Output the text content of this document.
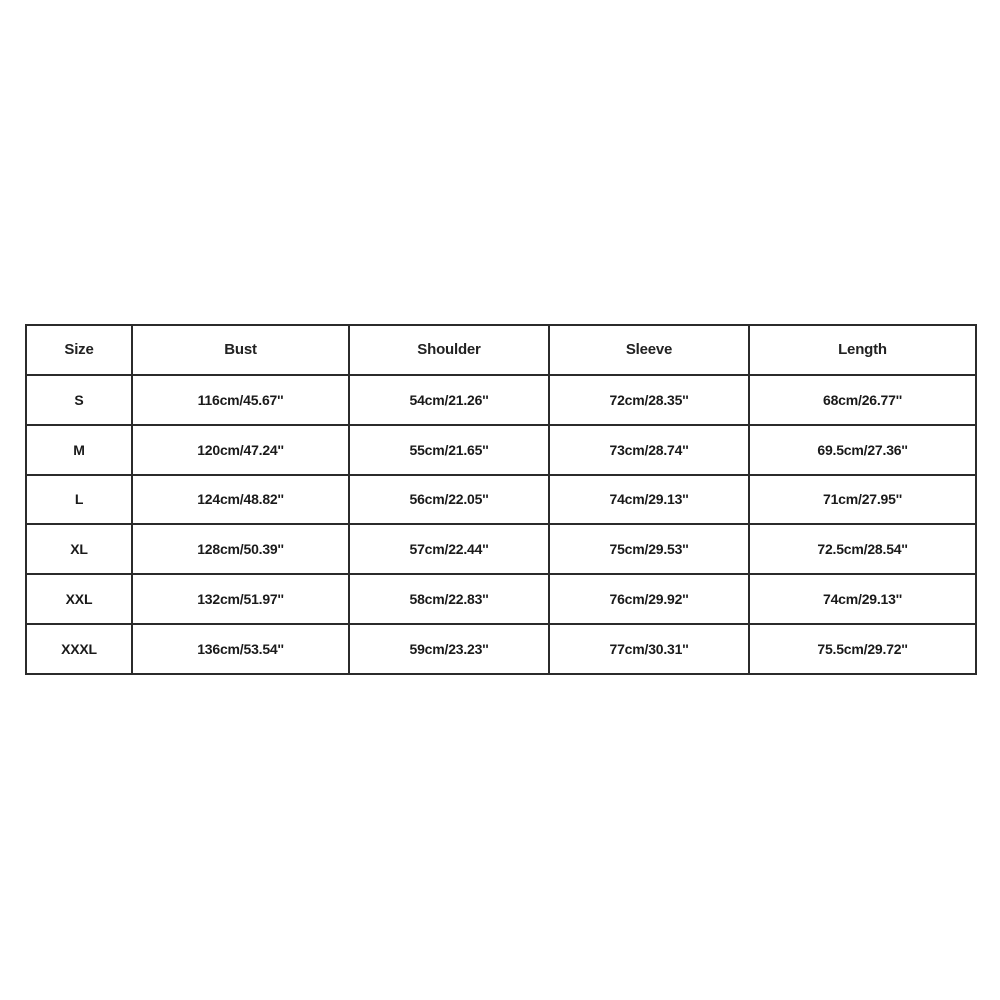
Size	Bust	Shoulder	Sleeve	Length
S	116cm/45.67''	54cm/21.26''	72cm/28.35''	68cm/26.77''
M	120cm/47.24''	55cm/21.65''	73cm/28.74''	69.5cm/27.36''
L	124cm/48.82''	56cm/22.05''	74cm/29.13''	71cm/27.95''
XL	128cm/50.39''	57cm/22.44''	75cm/29.53''	72.5cm/28.54''
XXL	132cm/51.97''	58cm/22.83''	76cm/29.92''	74cm/29.13''
XXXL	136cm/53.54''	59cm/23.23''	77cm/30.31''	75.5cm/29.72''
